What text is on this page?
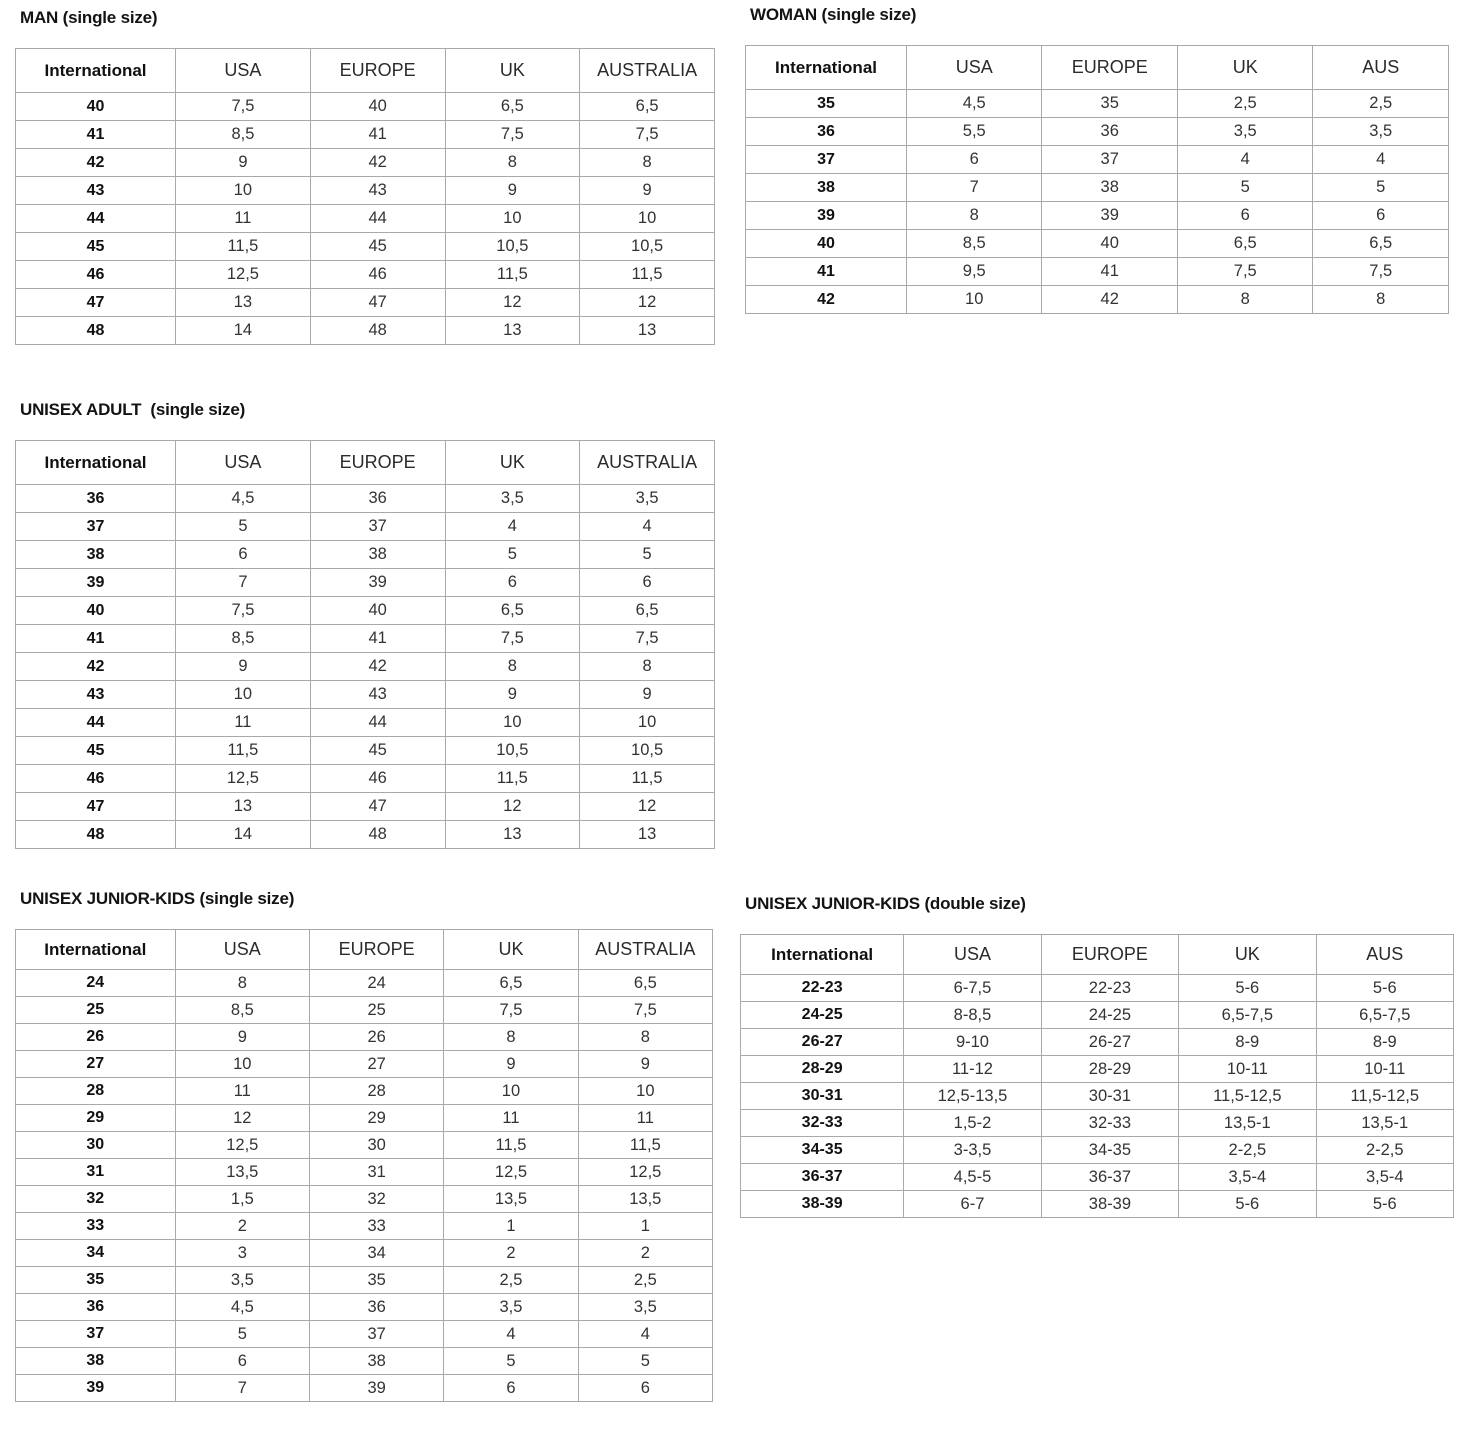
MAN (single size)
International	USA	EUROPE	UK	AUSTRALIA
40	7,5	40	6,5	6,5
41	8,5	41	7,5	7,5
42	9	42	8	8
43	10	43	9	9
44	11	44	10	10
45	11,5	45	10,5	10,5
46	12,5	46	11,5	11,5
47	13	47	12	12
48	14	48	13	13
WOMAN (single size)
International	USA	EUROPE	UK	AUS
35	4,5	35	2,5	2,5
36	5,5	36	3,5	3,5
37	6	37	4	4
38	7	38	5	5
39	8	39	6	6
40	8,5	40	6,5	6,5
41	9,5	41	7,5	7,5
42	10	42	8	8
UNISEX ADULT (single size)
International	USA	EUROPE	UK	AUSTRALIA
36	4,5	36	3,5	3,5
37	5	37	4	4
38	6	38	5	5
39	7	39	6	6
40	7,5	40	6,5	6,5
41	8,5	41	7,5	7,5
42	9	42	8	8
43	10	43	9	9
44	11	44	10	10
45	11,5	45	10,5	10,5
46	12,5	46	11,5	11,5
47	13	47	12	12
48	14	48	13	13
UNISEX JUNIOR-KIDS (single size)
International	USA	EUROPE	UK	AUSTRALIA
24	8	24	6,5	6,5
25	8,5	25	7,5	7,5
26	9	26	8	8
27	10	27	9	9
28	11	28	10	10
29	12	29	11	11
30	12,5	30	11,5	11,5
31	13,5	31	12,5	12,5
32	1,5	32	13,5	13,5
33	2	33	1	1
34	3	34	2	2
35	3,5	35	2,5	2,5
36	4,5	36	3,5	3,5
37	5	37	4	4
38	6	38	5	5
39	7	39	6	6
UNISEX JUNIOR-KIDS (double size)
International	USA	EUROPE	UK	AUS
22-23	6-7,5	22-23	5-6	5-6
24-25	8-8,5	24-25	6,5-7,5	6,5-7,5
26-27	9-10	26-27	8-9	8-9
28-29	11-12	28-29	10-11	10-11
30-31	12,5-13,5	30-31	11,5-12,5	11,5-12,5
32-33	1,5-2	32-33	13,5-1	13,5-1
34-35	3-3,5	34-35	2-2,5	2-2,5
36-37	4,5-5	36-37	3,5-4	3,5-4
38-39	6-7	38-39	5-6	5-6
